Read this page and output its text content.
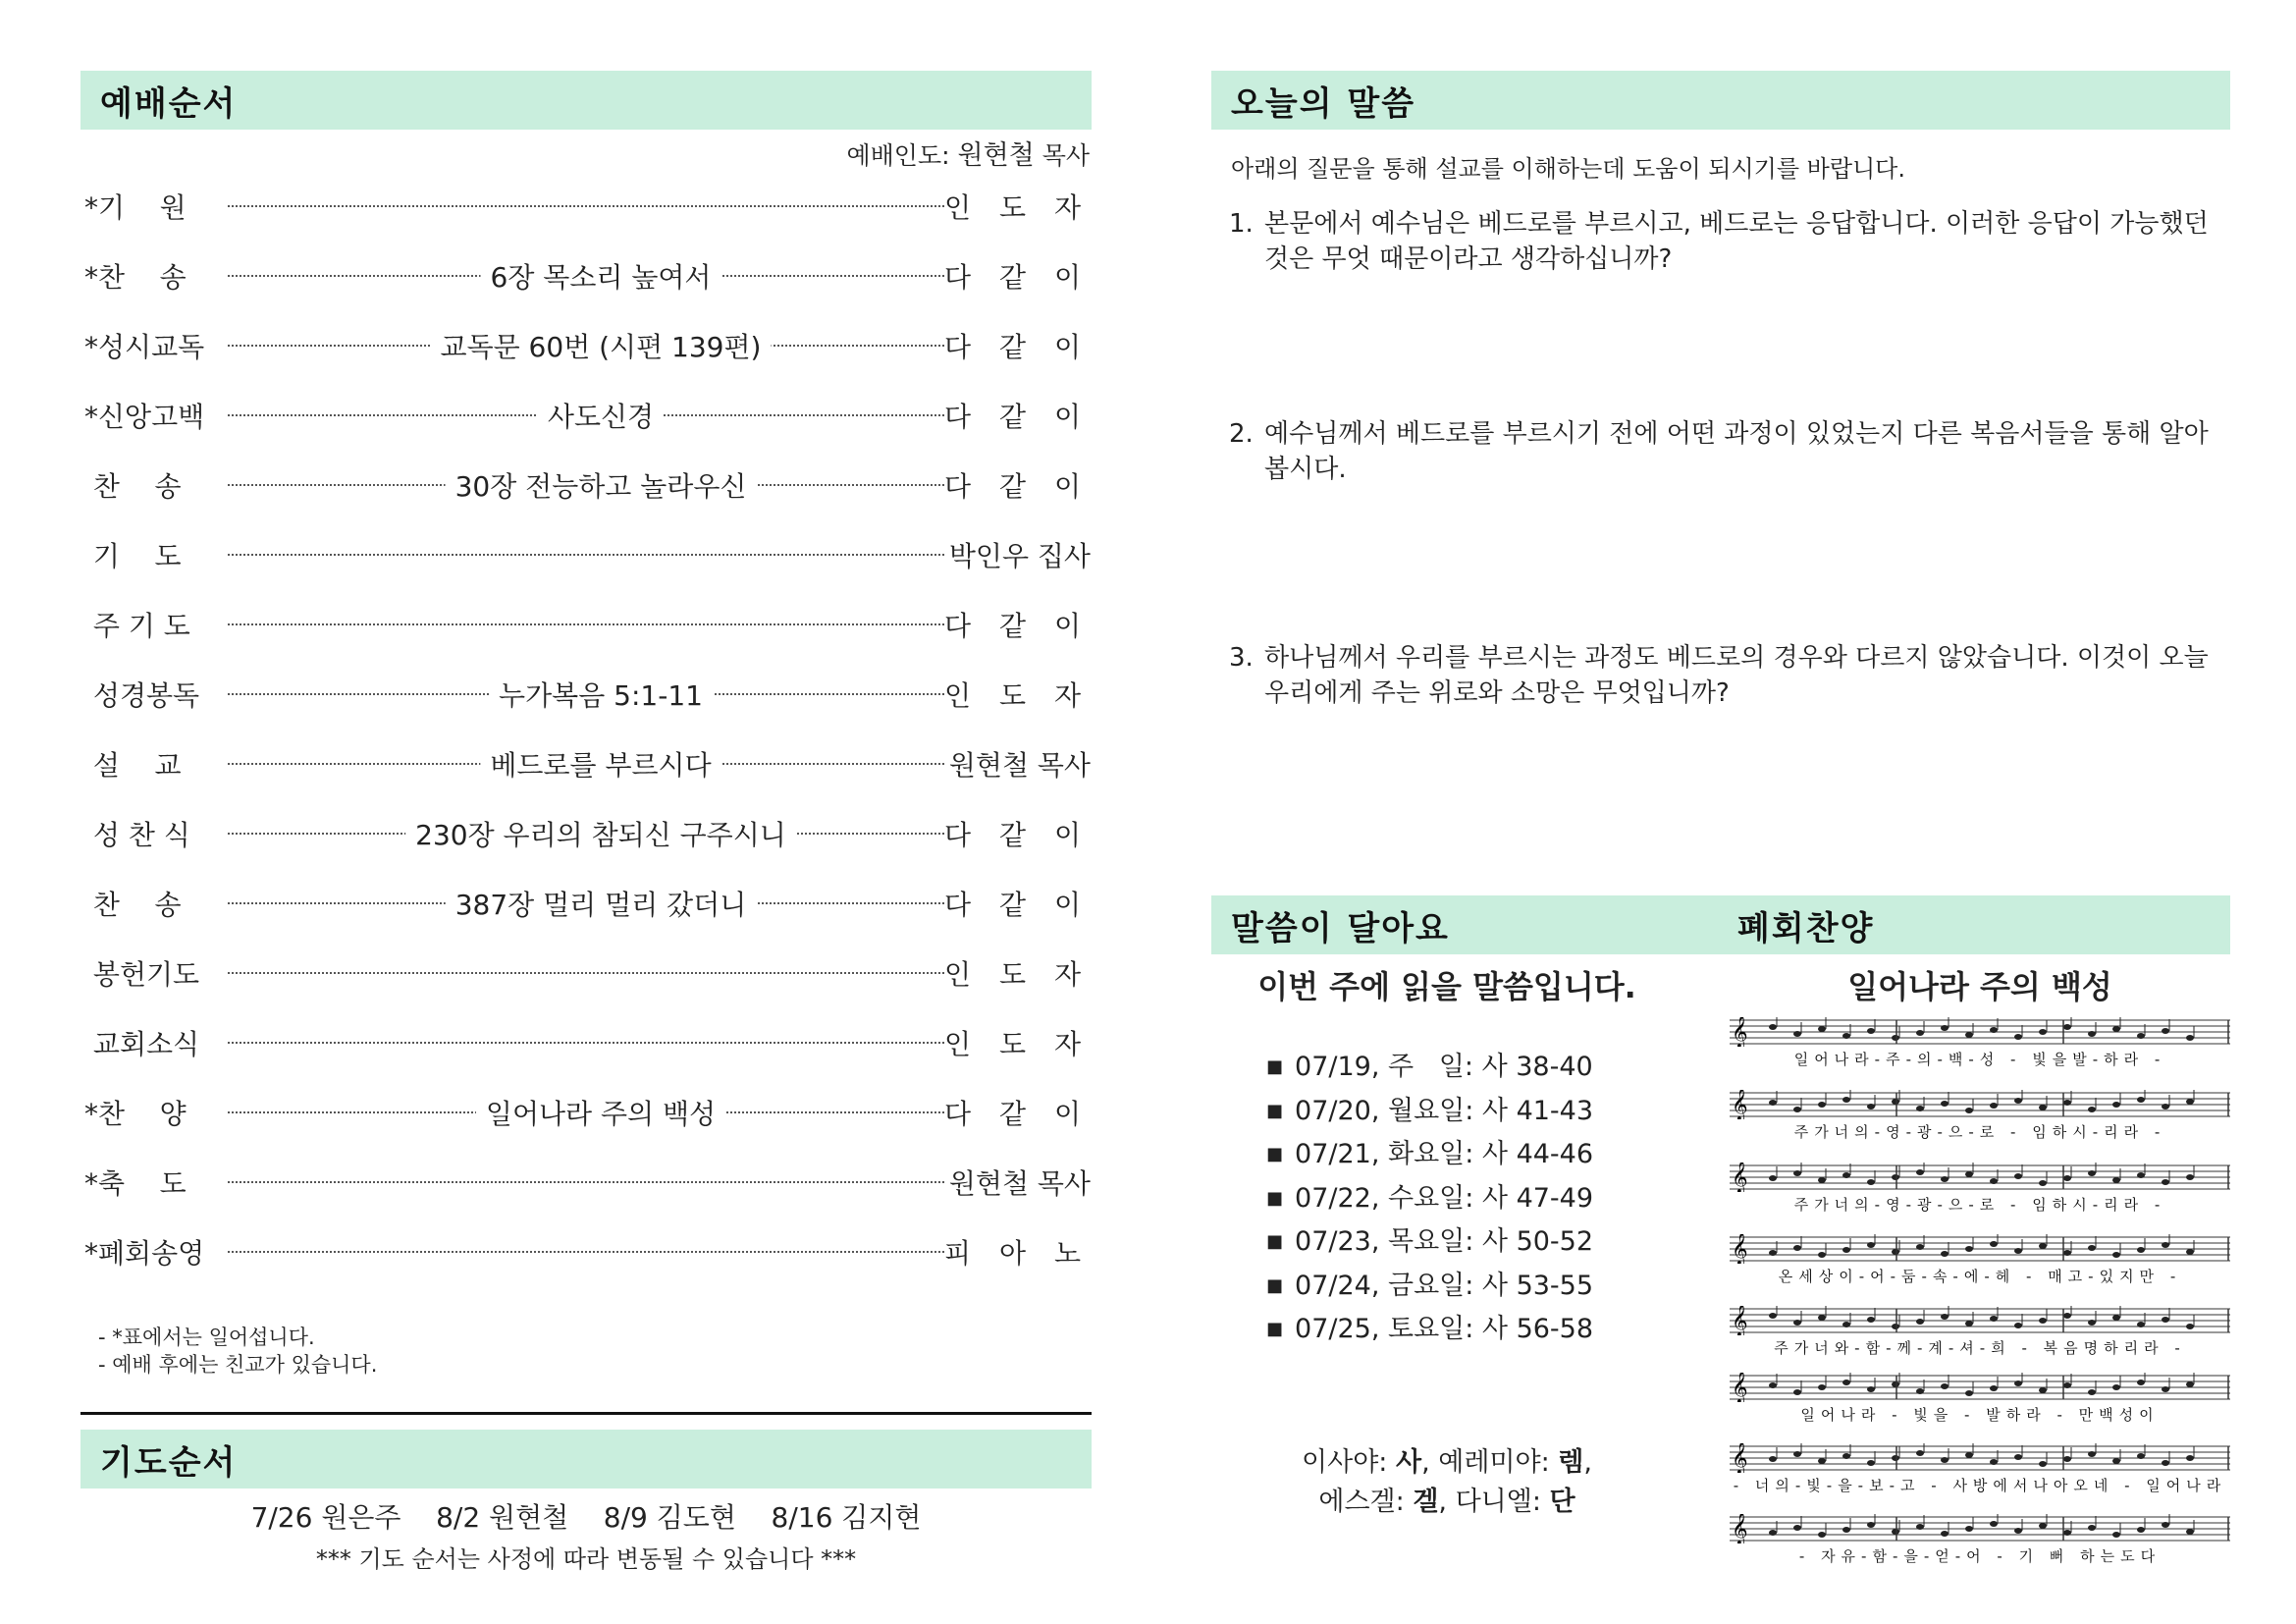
예배순서
예배인도: 원현철 목사
*기    원	인 도 자
*찬    송	6장 목소리 높여서	다 같 이
*성시교독	교독문 60번 (시편 139편)	다 같 이
*신앙고백	사도신경	다 같 이
찬    송	30장 전능하고 놀라우신	다 같 이
기    도	박인우 집사
주 기 도	다 같 이
성경봉독	누가복음 5:1-11	인 도 자
설    교	베드로를 부르시다	원현철 목사
성 찬 식	230장 우리의 참되신 구주시니	다 같 이
찬    송	387장 멀리 멀리 갔더니	다 같 이
봉헌기도	인 도 자
교회소식	인 도 자
*찬    양	일어나라 주의 백성	다 같 이
*축    도	원현철 목사
*폐회송영	피 아 노
- *표에서는 일어섭니다.
- 예배 후에는 친교가 있습니다.
기도순서
7/26 원은주    8/2 원현철    8/9 김도현    8/16 김지현
*** 기도 순서는 사정에 따라 변동될 수 있습니다 ***
오늘의 말씀
아래의 질문을 통해 설교를 이해하는데 도움이 되시기를 바랍니다.
1. 본문에서 예수님은 베드로를 부르시고, 베드로는 응답합니다. 이러한 응답이 가능했던 것은 무엇 때문이라고 생각하십니까?
2. 예수님께서 베드로를 부르시기 전에 어떤 과정이 있었는지 다른 복음서들을 통해 알아봅시다.
3. 하나님께서 우리를 부르시는 과정도 베드로의 경우와 다르지 않았습니다. 이것이 오늘 우리에게 주는 위로와 소망은 무엇입니까?
말씀이 달아요	폐회찬양
이번 주에 읽을 말씀입니다.	일어나라 주의 백성
■ 07/19, 주   일: 사 38-40
■ 07/20, 월요일: 사 41-43
■ 07/21, 화요일: 사 44-46
■ 07/22, 수요일: 사 47-49
■ 07/23, 목요일: 사 50-52
■ 07/24, 금요일: 사 53-55
■ 07/25, 토요일: 사 56-58
이사야: 사, 예레미야: 렘,
에스겔: 겔, 다니엘: 단
𝄞
일어나라-주-의-백-성 - 빛을발-하라 -
𝄞
주가너의-영-광-으-로 - 임하시-리라 -
𝄞
주가너의-영-광-으-로 - 임하시-리라 -
𝄞
온세상이-어-둠-속-에-헤 - 매고-있지만 -
𝄞
주가너와-함-께-계-셔-희 - 복음명하리라 -
𝄞
일어나라 - 빛을 - 발하라 - 만백성이
𝄞
- 너의-빛-을-보-고 - 사방에서나아오네 - 일어나라
𝄞
- 자유-함-을-얻-어 - 기 뻐 하는도다
